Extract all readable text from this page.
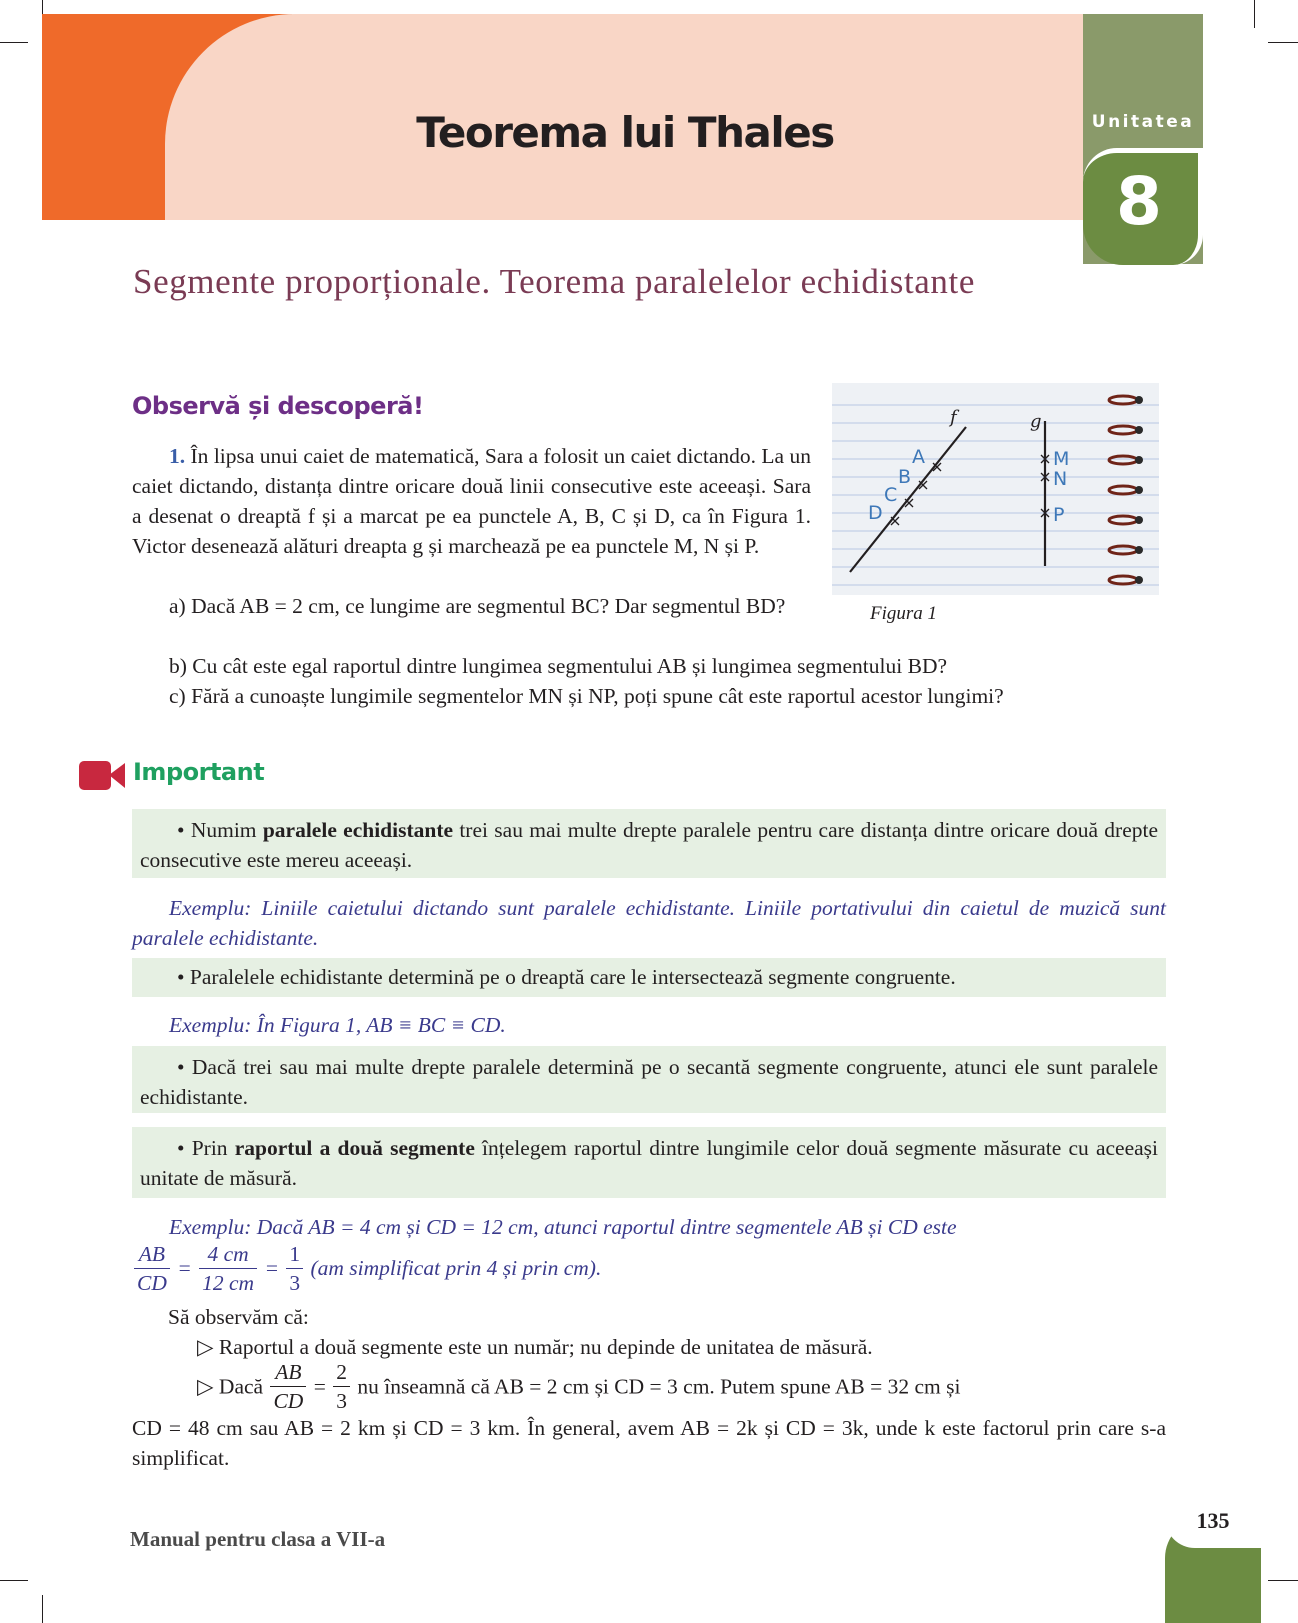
Teorema lui Thales	Unitatea
8
Segmente proporționale. Teorema paralelelor echidistante
Observă și descoperă!
1. În lipsa unui caiet de matematică, Sara a folosit un caiet dictando. La un caiet dictando, distanța dintre oricare două linii consecutive este aceeași. Sara a desenat o dreaptă f și a marcat pe ea punctele A, B, C și D, ca în Figura 1. Victor desenează alături dreapta g și marchează pe ea punctele M, N și P.
a) Dacă AB = 2 cm, ce lungime are segmentul BC? Dar segmentul BD?
b) Cu cât este egal raportul dintre lungimea segmentului AB și lungimea segmentului BD?
c) Fără a cunoaște lungimile segmentelor MN și NP, poți spune cât este raportul acestor lungimi?
f
A
B
C
D
g
M
N
P
Figura 1
Important
• Numim paralele echidistante trei sau mai multe drepte paralele pentru care distanța dintre oricare două drepte consecutive este mereu aceeași.
Exemplu: Liniile caietului dictando sunt paralele echidistante. Liniile portativului din caietul de muzică sunt paralele echidistante.
• Paralelele echidistante determină pe o dreaptă care le intersectează segmente congruente.
Exemplu: În Figura 1, AB ≡ BC ≡ CD.
• Dacă trei sau mai multe drepte paralele determină pe o secantă segmente congruente, atunci ele sunt paralele echidistante.
• Prin raportul a două segmente înțelegem raportul dintre lungimile celor două segmente măsurate cu aceeași unitate de măsură.
Exemplu: Dacă AB = 4 cm și CD = 12 cm, atunci raportul dintre segmentele AB și CD este
$\frac{AB}{CD} = \frac{4 cm}{12 cm} = \frac{1}{3} (am$ simplificat prin 4 și prin cm).
Să observăm că:
▷ Raportul a două segmente este un număr; nu depinde de unitatea de măsură.
▷ Dacă $\frac{AB}{CD} = \frac{2}{3}$ nu înseamnă că AB = 2 cm și CD = 3 cm. Putem spune AB = 32 cm și
CD = 48 cm sau AB = 2 km și CD = 3 km. În general, avem AB = 2k și CD = 3k, unde k este factorul prin care s-a simplificat.
Manual pentru clasa a VII-a
135
